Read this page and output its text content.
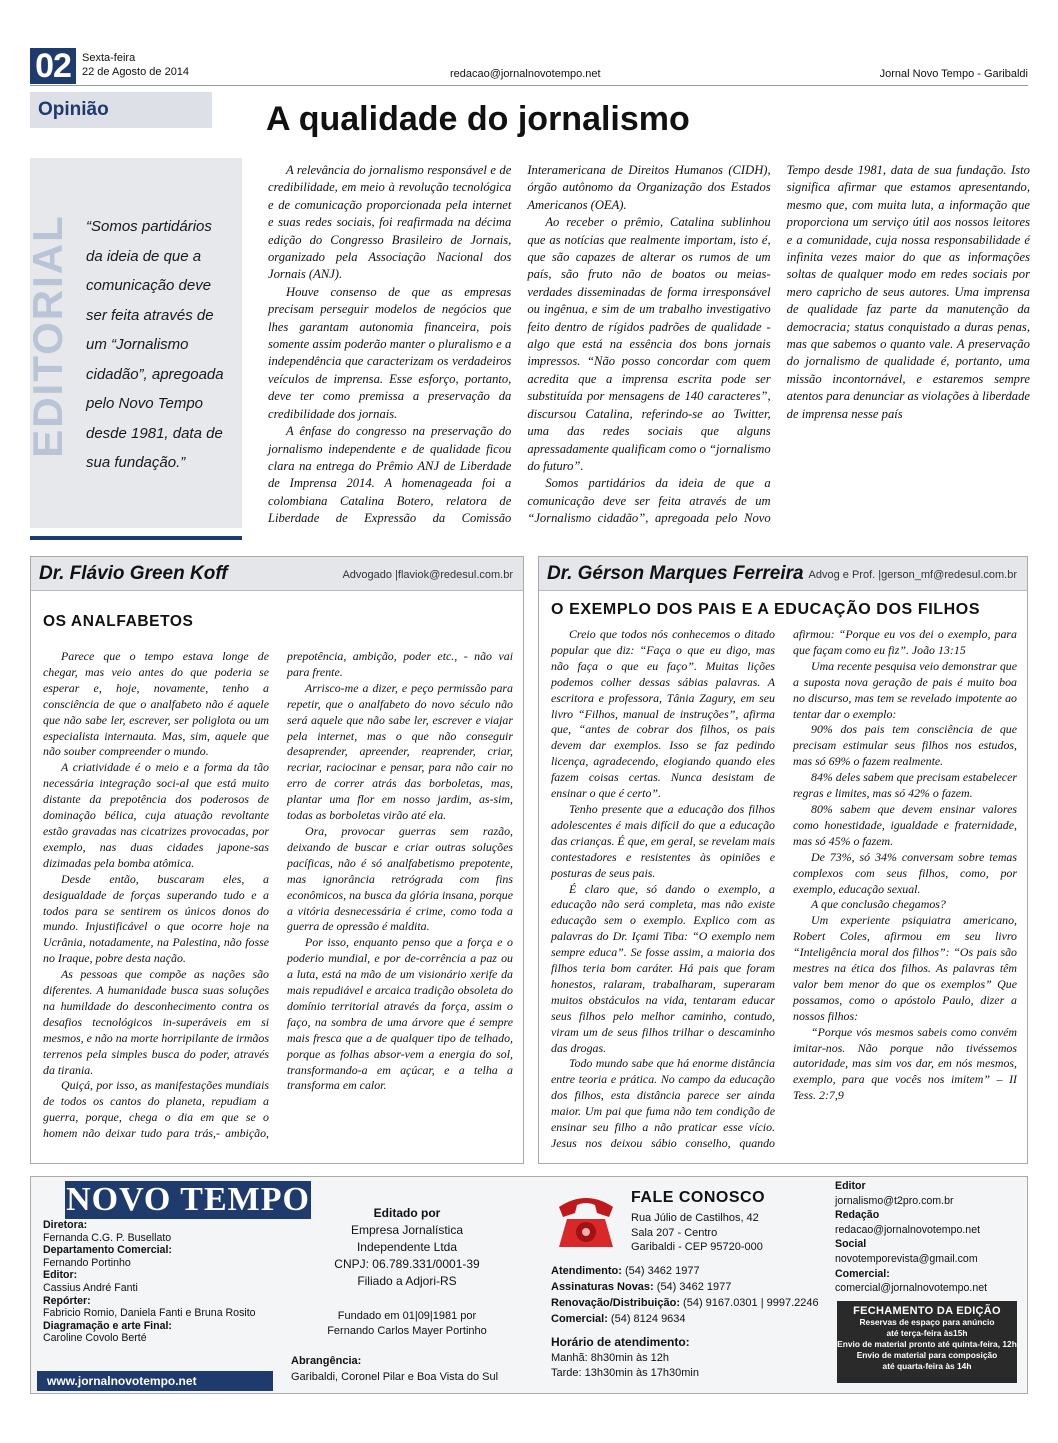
02	Sexta-feira
22 de Agosto de 2014	redacao@jornalnovotempo.net	Jornal Novo Tempo - Garibaldi
Opinião	A qualidade do jornalismo
EDITORIAL “Somos partidários da ideia de que a comunicação deve ser feita através de um “Jornalismo cidadão”, apregoada pelo Novo Tempo desde 1981, data de sua fundação.”

A relevância do jornalismo responsável e de credibilidade, em meio à revolução tecnológica e de comunicação proporcionada pela internet e suas redes sociais, foi reafirmada na décima edição do Congresso Brasileiro de Jornais, organizado pela Associação Nacional dos Jornais (ANJ).

Houve consenso de que as empresas precisam perseguir modelos de negócios que lhes garantam autonomia financeira, pois somente assim poderão manter o pluralismo e a independência que caracterizam os verdadeiros veículos de imprensa. Esse esforço, portanto, deve ter como premissa a preservação da credibilidade dos jornais.

A ênfase do congresso na preservação do jornalismo independente e de qualidade ficou clara na entrega do Prêmio ANJ de Liberdade de Imprensa 2014. A homenageada foi a colombiana Catalina Botero, relatora de Liberdade de Expressão da Comissão Interamericana de Direitos Humanos (CIDH), órgão autônomo da Organização dos Estados Americanos (OEA).

Ao receber o prêmio, Catalina sublinhou que as notícias que realmente importam, isto é, que são capazes de alterar os rumos de um país, são fruto não de boatos ou meias-verdades disseminadas de forma irresponsável ou ingênua, e sim de um trabalho investigativo feito dentro de rígidos padrões de qualidade - algo que está na essência dos bons jornais impressos. “Não posso concordar com quem acredita que a imprensa escrita pode ser substituída por mensagens de 140 caracteres”, discursou Catalina, referindo-se ao Twitter, uma das redes sociais que alguns apressadamente qualificam como o “jornalismo do futuro”.

Somos partidários da ideia de que a comunicação deve ser feita através de um “Jornalismo cidadão”, apregoada pelo Novo Tempo desde 1981, data de sua fundação. Isto significa afirmar que estamos apresentando, mesmo que, com muita luta, a informação que proporciona um serviço útil aos nossos leitores e a comunidade, cuja nossa responsabilidade é infinita vezes maior do que as informações soltas de qualquer modo em redes sociais por mero capricho de seus autores. Uma imprensa de qualidade faz parte da manutenção da democracia; status conquistado a duras penas, mas que sabemos o quanto vale. A preservação do jornalismo de qualidade é, portanto, uma missão incontornável, e estaremos sempre atentos para denunciar as violações à liberdade de imprensa nesse país

Dr. Flávio Green Koff	Advogado |flaviok@redesul.com.br
OS ANALFABETOS

Parece que o tempo estava longe de chegar, mas veio antes do que poderia se esperar e, hoje, novamente, tenho a consciência de que o analfabeto não é aquele que não sabe ler, escrever, ser poliglota ou um especialista internauta. Mas, sim, aquele que não souber compreender o mundo.

A criatividade é o meio e a forma da tão necessária integração soci-al que está muito distante da prepotência dos poderosos de dominação bélica, cuja atuação revoltante estão gravadas nas cicatrizes provocadas, por exemplo, nas duas cidades japone-sas dizimadas pela bomba atômica.

Desde então, buscaram eles, a desigualdade de forças superando tudo e a todos para se sentirem os únicos donos do mundo. Injustificável o que ocorre hoje na Ucrânia, notadamente, na Palestina, não fosse no Iraque, pobre desta nação.

As pessoas que compõe as nações são diferentes. A humanidade busca suas soluções na humildade do desconhecimento contra os desafios tecnológicos in-superáveis em si mesmos, e não na morte horripilante de irmãos terrenos pela simples busca do poder, através da tirania.

Quiçá, por isso, as manifestações mundiais de todos os cantos do planeta, repudiam a guerra, porque, chega o dia em que se o homem não deixar tudo para trás,- ambição, prepotência, ambição, poder etc., - não vai para frente.

Arrisco-me a dizer, e peço permissão para repetir, que o analfabeto do novo século não será aquele que não sabe ler, escrever e viajar pela internet, mas o que não conseguir desaprender, apreender, reaprender, criar, recriar, raciocinar e pensar, para não cair no erro de correr atrás das borboletas, mas, plantar uma flor em nosso jardim, as-sim, todas as borboletas virão até ela.

Ora, provocar guerras sem razão, deixando de buscar e criar outras soluções pacíficas, não é só analfabetismo prepotente, mas ignorância retrógrada com fins econômicos, na busca da glória insana, porque a vitória desnecessária é crime, como toda a guerra de opressão é maldita.

Por isso, enquanto penso que a força e o poderio mundial, e por de-corrência a paz ou a luta, está na mão de um visionário xerife da mais repudiável e arcaica tradição obsoleta do domínio territorial através da força, assim o faço, na sombra de uma árvore que é sempre mais fresca que a de qualquer tipo de telhado, porque as folhas absor-vem a energia do sol, transformando-a em açúcar, e a telha a transforma em calor.

Dr. Gérson Marques Ferreira Advog e Prof. |gerson_mf@redesul.com.br
O EXEMPLO DOS PAIS E A EDUCAÇÃO DOS FILHOS

Creio que todos nós conhecemos o ditado popular que diz: “Faça o que eu digo, mas não faça o que eu faço”. Muitas lições podemos colher dessas sábias palavras. A escritora e professora, Tânia Zagury, em seu livro “Filhos, manual de instruções”, afirma que, “antes de cobrar dos filhos, os pais devem dar exemplos. Isso se faz pedindo licença, agradecendo, elogiando quando eles fazem coisas certas. Nunca desistam de ensinar o que é certo”.

Tenho presente que a educação dos filhos adolescentes é mais difícil do que a educação das crianças. É que, em geral, se revelam mais contestadores e resistentes às opiniões e posturas de seus pais.

É claro que, só dando o exemplo, a educação não será completa, mas não existe educação sem o exemplo. Explico com as palavras do Dr. Içami Tiba: “O exemplo nem sempre educa”. Se fosse assim, a maioria dos filhos teria bom caráter. Há pais que foram honestos, ralaram, trabalharam, superaram muitos obstáculos na vida, tentaram educar seus filhos pelo melhor caminho, contudo, viram um de seus filhos trilhar o descaminho das drogas.

Todo mundo sabe que há enorme distância entre teoria e prática. No campo da educação dos filhos, esta distância parece ser ainda maior. Um pai que fuma não tem condição de ensinar seu filho a não praticar esse vício. Jesus nos deixou sábio conselho, quando afirmou: “Porque eu vos dei o exemplo, para que façam como eu fiz”. João 13:15

Uma recente pesquisa veio demonstrar que a suposta nova geração de pais é muito boa no discurso, mas tem se revelado impotente ao tentar dar o exemplo:

90% dos pais tem consciência de que precisam estimular seus filhos nos estudos, mas só 69% o fazem realmente.

84% deles sabem que precisam estabelecer regras e limites, mas só 42% o fazem.

80% sabem que devem ensinar valores como honestidade, igualdade e fraternidade, mas só 45% o fazem.

De 73%, só 34% conversam sobre temas complexos com seus filhos, como, por exemplo, educação sexual.

A que conclusão chegamos?

Um experiente psiquiatra americano, Robert Coles, afirmou em seu livro “Inteligência moral dos filhos”: “Os pais são mestres na ética dos filhos. As palavras têm valor bem menor do que os exemplos” Que possamos, como o apóstolo Paulo, dizer a nossos filhos:

“Porque vós mesmos sabeis como convém imitar-nos. Não porque não tivéssemos autoridade, mas sim vos dar, em nós mesmos, exemplo, para que vocês nos imitem” – II Tess. 2:7,9

NOVO TEMPO
Diretora:
Fernanda C.G. P. Busellato
Departamento Comercial:
Fernando Portinho
Editor:
Cassius André Fanti
Repórter:
Fabricio Romio, Daniela Fanti e Bruna Rosito
Diagramação e arte Final:
Caroline Covolo Berté
www.jornalnovotempo.net
Editado por
Empresa Jornalística
Independente Ltda
CNPJ: 06.789.331/0001-39
Filiado a Adjori-RS
Fundado em 01|09|1981 por
Fernando Carlos Mayer Portinho
Abrangência:
Garibaldi, Coronel Pilar e Boa Vista do Sul
FALE CONOSCO
Rua Júlio de Castilhos, 42
Sala 207 - Centro
Garibaldi - CEP 95720-000
Atendimento: (54) 3462 1977
Assinaturas Novas: (54) 3462 1977
Renovação/Distribuição: (54) 9167.0301 | 9997.2246
Comercial: (54) 8124 9634
Horário de atendimento:
Manhã: 8h30min às 12h
Tarde: 13h30min às 17h30min
Editor
jornalismo@t2pro.com.br
Redação
redacao@jornalnovotempo.net
Social
novotemporevista@gmail.com
Comercial:
comercial@jornalnovotempo.net
FECHAMENTO DA EDIÇÃO
Reservas de espaço para anúncio
até terça-feira às15h
Envio de material pronto até quinta-feira, 12h
Envio de material para composição
até quarta-feira às 14h
